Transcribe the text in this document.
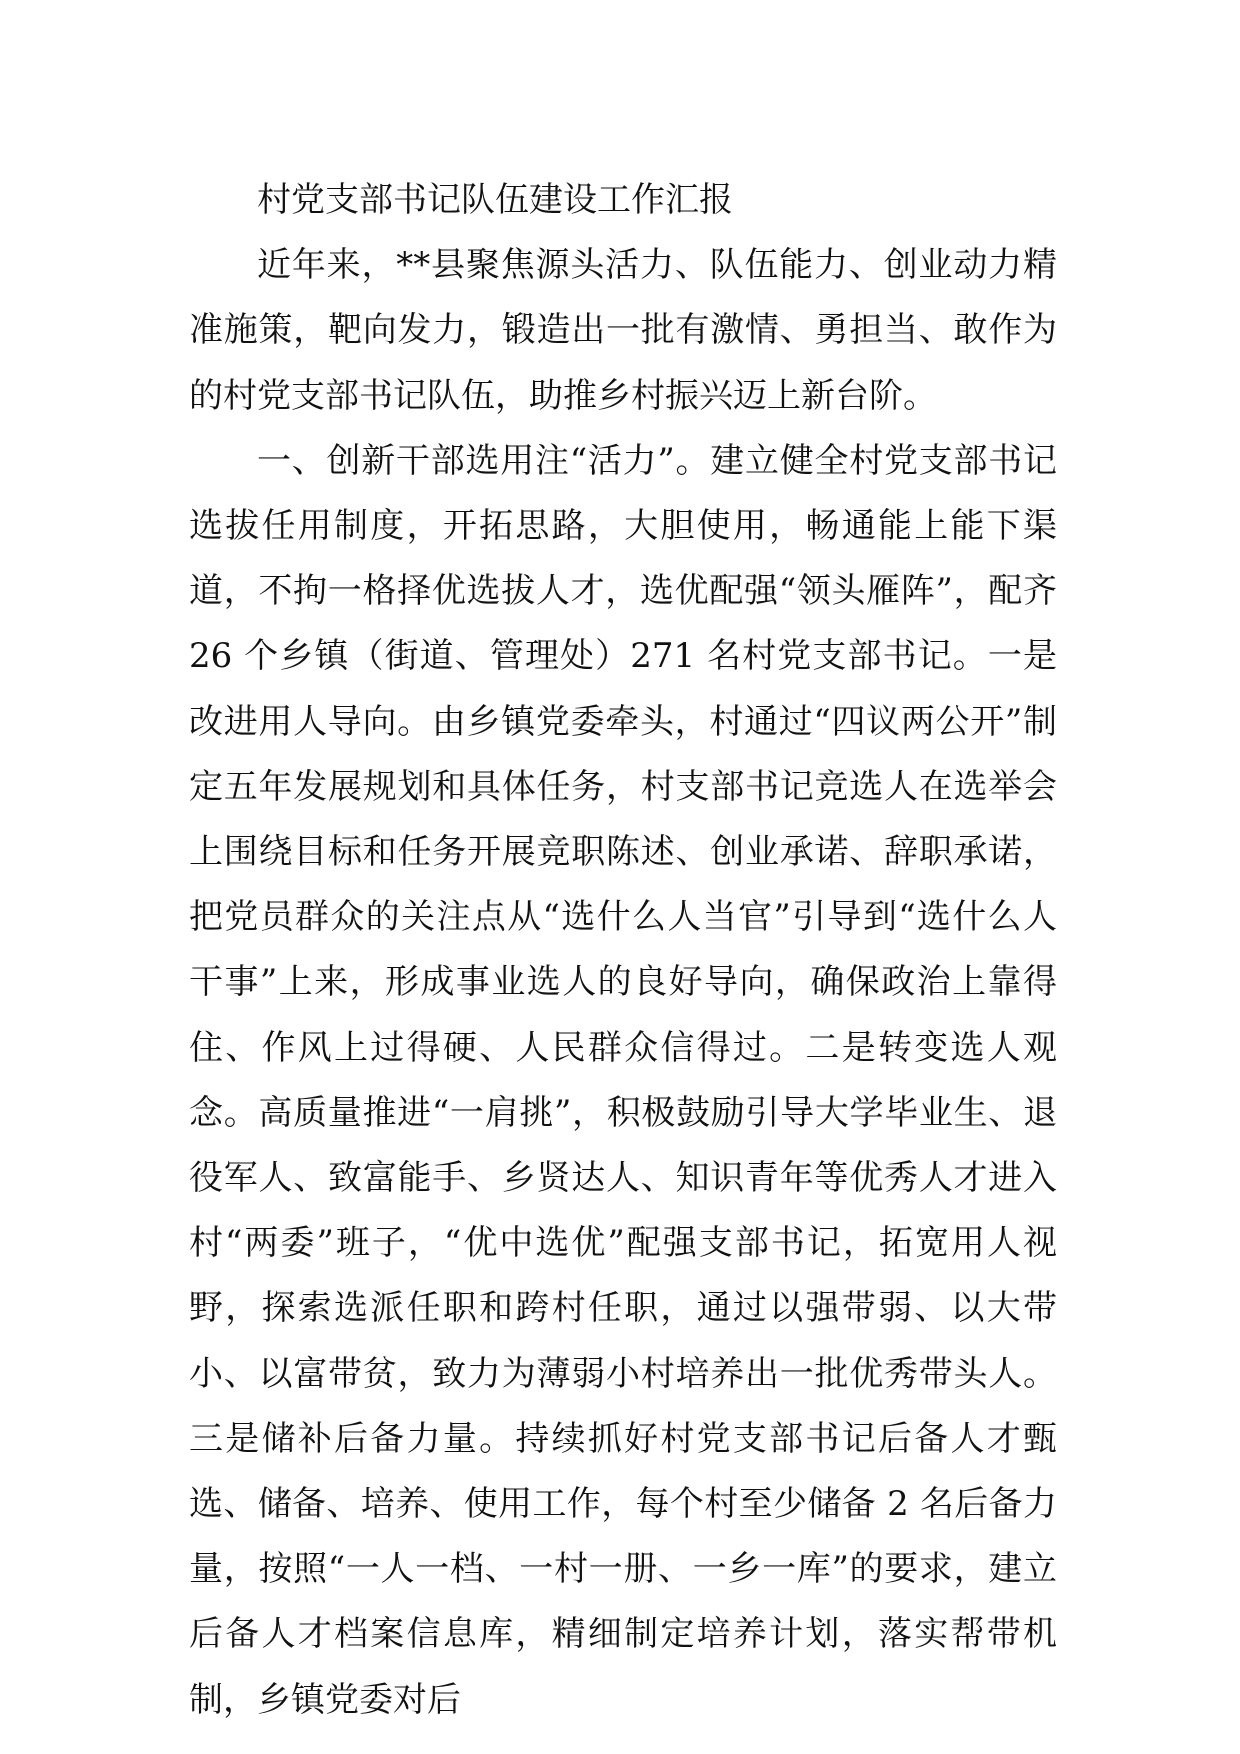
村党支部书记队伍建设工作汇报

近年来，**县聚焦源头活力、队伍能力、创业动力精准施策，靶向发力，锻造出一批有激情、勇担当、敢作为的村党支部书记队伍，助推乡村振兴迈上新台阶。

一、创新干部选用注“活力”。建立健全村党支部书记选拔任用制度，开拓思路，大胆使用，畅通能上能下渠道，不拘一格择优选拔人才，选优配强“领头雁阵”，配齐 26 个乡镇（街道、管理处）271 名村党支部书记。一是改进用人导向。由乡镇党委牵头，村通过“四议两公开”制定五年发展规划和具体任务，村支部书记竞选人在选举会上围绕目标和任务开展竞职陈述、创业承诺、辞职承诺，把党员群众的关注点从“选什么人当官”引导到“选什么人干事”上来，形成事业选人的良好导向，确保政治上靠得住、作风上过得硬、人民群众信得过。二是转变选人观念。高质量推进“一肩挑”，积极鼓励引导大学毕业生、退役军人、致富能手、乡贤达人、知识青年等优秀人才进入村“两委”班子，“优中选优”配强支部书记，拓宽用人视野，探索选派任职和跨村任职，通过以强带弱、以大带小、以富带贫，致力为薄弱小村培养出一批优秀带头人。三是储补后备力量。持续抓好村党支部书记后备人才甄选、储备、培养、使用工作，每个村至少储备 2 名后备力量，按照“一人一档、一村一册、一乡一库”的要求，建立后备人才档案信息库，精细制定培养计划，落实帮带机制，乡镇党委对后
